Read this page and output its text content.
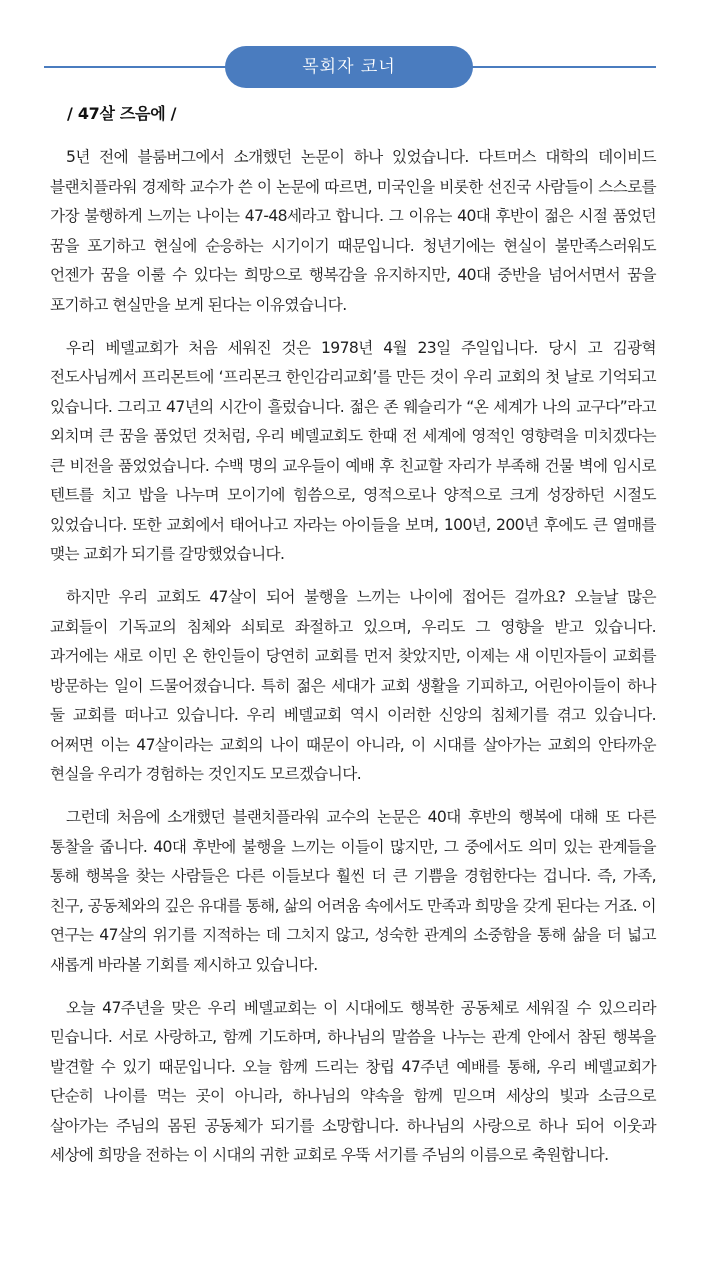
목회자 코너
/ 47살 즈음에 /

5년 전에 블룸버그에서 소개했던 논문이 하나 있었습니다. 다트머스 대학의 데이비드 블랜치플라워 경제학 교수가 쓴 이 논문에 따르면, 미국인을 비롯한 선진국 사람들이 스스로를 가장 불행하게 느끼는 나이는 47-48세라고 합니다. 그 이유는 40대 후반이 젊은 시절 품었던 꿈을 포기하고 현실에 순응하는 시기이기 때문입니다. 청년기에는 현실이 불만족스러워도 언젠가 꿈을 이룰 수 있다는 희망으로 행복감을 유지하지만, 40대 중반을 넘어서면서 꿈을 포기하고 현실만을 보게 된다는 이유였습니다.

우리 베델교회가 처음 세워진 것은 1978년 4월 23일 주일입니다. 당시 고 김광혁 전도사님께서 프리몬트에 ‘프리몬크 한인감리교회’를 만든 것이 우리 교회의 첫 날로 기억되고 있습니다. 그리고 47년의 시간이 흘렀습니다. 젊은 존 웨슬리가 “온 세계가 나의 교구다”라고 외치며 큰 꿈을 품었던 것처럼, 우리 베델교회도 한때 전 세계에 영적인 영향력을 미치겠다는 큰 비전을 품었었습니다. 수백 명의 교우들이 예배 후 친교할 자리가 부족해 건물 벽에 임시로 텐트를 치고 밥을 나누며 모이기에 힘씀으로, 영적으로나 양적으로 크게 성장하던 시절도 있었습니다. 또한 교회에서 태어나고 자라는 아이들을 보며, 100년, 200년 후에도 큰 열매를 맺는 교회가 되기를 갈망했었습니다.

하지만 우리 교회도 47살이 되어 불행을 느끼는 나이에 접어든 걸까요? 오늘날 많은 교회들이 기독교의 침체와 쇠퇴로 좌절하고 있으며, 우리도 그 영향을 받고 있습니다. 과거에는 새로 이민 온 한인들이 당연히 교회를 먼저 찾았지만, 이제는 새 이민자들이 교회를 방문하는 일이 드물어졌습니다. 특히 젊은 세대가 교회 생활을 기피하고, 어린아이들이 하나 둘 교회를 떠나고 있습니다. 우리 베델교회 역시 이러한 신앙의 침체기를 겪고 있습니다. 어쩌면 이는 47살이라는 교회의 나이 때문이 아니라, 이 시대를 살아가는 교회의 안타까운 현실을 우리가 경험하는 것인지도 모르겠습니다.

그런데 처음에 소개했던 블랜치플라워 교수의 논문은 40대 후반의 행복에 대해 또 다른 통찰을 줍니다. 40대 후반에 불행을 느끼는 이들이 많지만, 그 중에서도 의미 있는 관계들을 통해 행복을 찾는 사람들은 다른 이들보다 훨씬 더 큰 기쁨을 경험한다는 겁니다. 즉, 가족, 친구, 공동체와의 깊은 유대를 통해, 삶의 어려움 속에서도 만족과 희망을 갖게 된다는 거죠. 이 연구는 47살의 위기를 지적하는 데 그치지 않고, 성숙한 관계의 소중함을 통해 삶을 더 넓고 새롭게 바라볼 기회를 제시하고 있습니다.

오늘 47주년을 맞은 우리 베델교회는 이 시대에도 행복한 공동체로 세워질 수 있으리라 믿습니다. 서로 사랑하고, 함께 기도하며, 하나님의 말씀을 나누는 관계 안에서 참된 행복을 발견할 수 있기 때문입니다. 오늘 함께 드리는 창립 47주년 예배를 통해, 우리 베델교회가 단순히 나이를 먹는 곳이 아니라, 하나님의 약속을 함께 믿으며 세상의 빛과 소금으로 살아가는 주님의 몸된 공동체가 되기를 소망합니다. 하나님의 사랑으로 하나 되어 이웃과 세상에 희망을 전하는 이 시대의 귀한 교회로 우뚝 서기를 주님의 이름으로 축원합니다.
